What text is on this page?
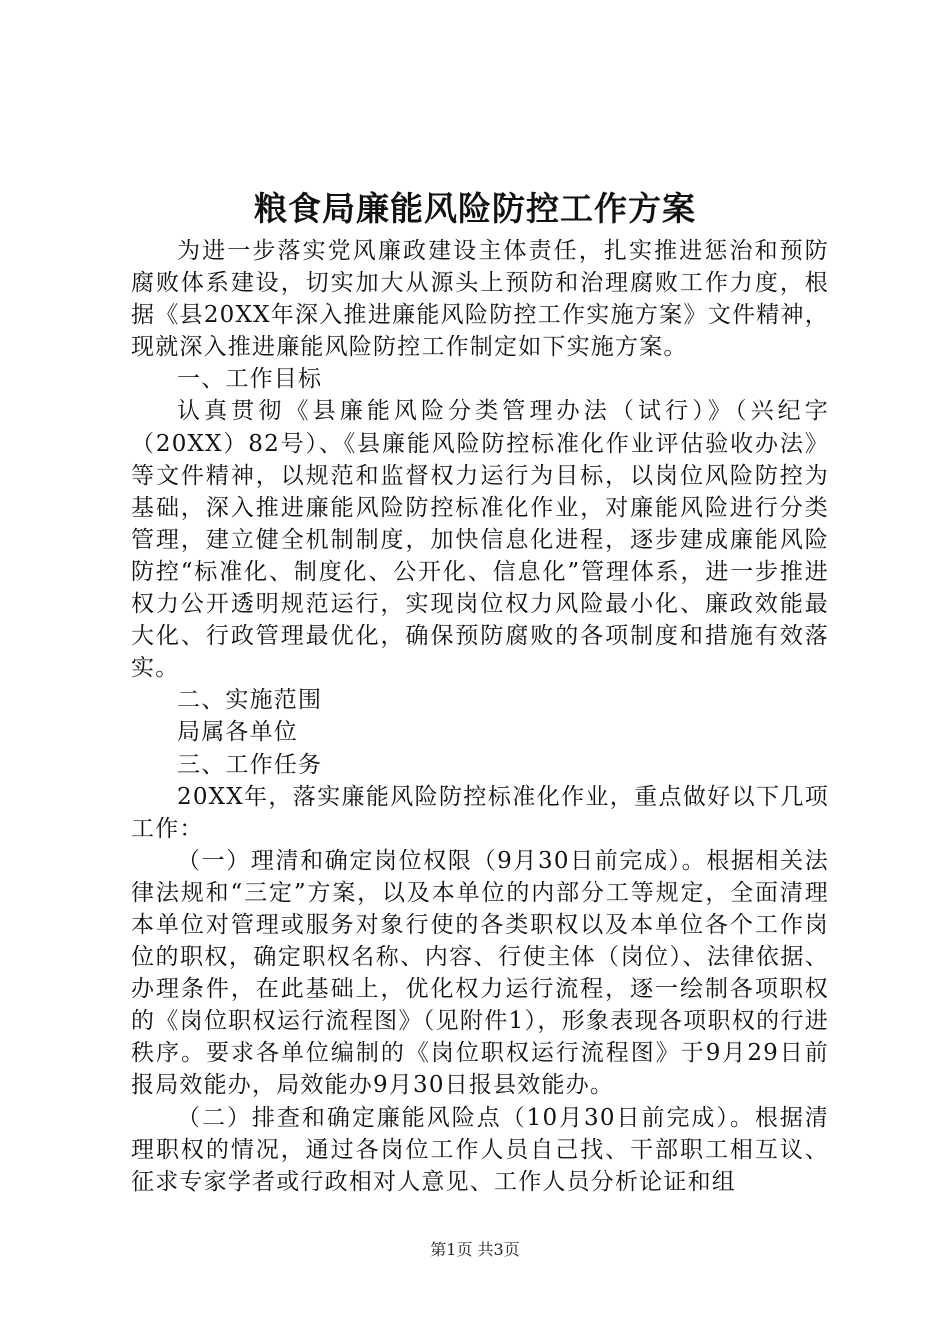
粮食局廉能风险防控工作方案

为进一步落实党风廉政建设主体责任，扎实推进惩治和预防腐败体系建设，切实加大从源头上预防和治理腐败工作力度，根据《县20XX年深入推进廉能风险防控工作实施方案》文件精神，现就深入推进廉能风险防控工作制定如下实施方案。

一、工作目标

认真贯彻《县廉能风险分类管理办法（试行）》（兴纪字（20XX）82号）、《县廉能风险防控标准化作业评估验收办法》等文件精神，以规范和监督权力运行为目标，以岗位风险防控为基础，深入推进廉能风险防控标准化作业，对廉能风险进行分类管理，建立健全机制制度，加快信息化进程，逐步建成廉能风险防控“标准化、制度化、公开化、信息化”管理体系，进一步推进权力公开透明规范运行，实现岗位权力风险最小化、廉政效能最大化、行政管理最优化，确保预防腐败的各项制度和措施有效落实。

二、实施范围

局属各单位

三、工作任务

20XX年，落实廉能风险防控标准化作业，重点做好以下几项工作：

（一）理清和确定岗位权限（9月30日前完成）。根据相关法律法规和“三定”方案，以及本单位的内部分工等规定，全面清理本单位对管理或服务对象行使的各类职权以及本单位各个工作岗位的职权，确定职权名称、内容、行使主体（岗位）、法律依据、办理条件，在此基础上，优化权力运行流程，逐一绘制各项职权的《岗位职权运行流程图》（见附件1），形象表现各项职权的行进秩序。要求各单位编制的《岗位职权运行流程图》于9月29日前报局效能办，局效能办9月30日报县效能办。

（二）排查和确定廉能风险点（10月30日前完成）。根据清理职权的情况，通过各岗位工作人员自己找、干部职工相互议、征求专家学者或行政相对人意见、工作人员分析论证和组

第1页 共3页
